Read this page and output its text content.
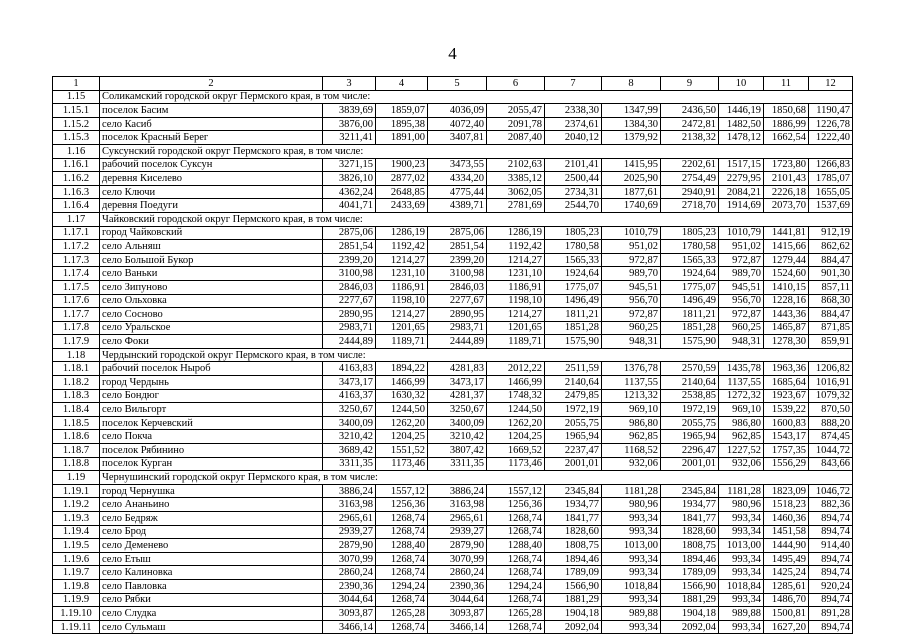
4
1	2	3	4	5	6	7	8	9	10	11	12
1.15	Соликамский городской округ Пермского края, в том числе:										
1.15.1	поселок Басим	3839,69	1859,07	4036,09	2055,47	2338,30	1347,99	2436,50	1446,19	1850,68	1190,47
1.15.2	село Касиб	3876,00	1895,38	4072,40	2091,78	2374,61	1384,30	2472,81	1482,50	1886,99	1226,78
1.15.3	поселок Красный Берег	3211,41	1891,00	3407,81	2087,40	2040,12	1379,92	2138,32	1478,12	1662,54	1222,40
1.16	Суксунский городской округ Пермского края, в том числе:										
1.16.1	рабочий поселок Суксун	3271,15	1900,23	3473,55	2102,63	2101,41	1415,95	2202,61	1517,15	1723,80	1266,83
1.16.2	деревня Киселево	3826,10	2877,02	4334,20	3385,12	2500,44	2025,90	2754,49	2279,95	2101,43	1785,07
1.16.3	село Ключи	4362,24	2648,85	4775,44	3062,05	2734,31	1877,61	2940,91	2084,21	2226,18	1655,05
1.16.4	деревня Поедуги	4041,71	2433,69	4389,71	2781,69	2544,70	1740,69	2718,70	1914,69	2073,70	1537,69
1.17	Чайковский городской округ Пермского края, в том числе:										
1.17.1	город Чайковский	2875,06	1286,19	2875,06	1286,19	1805,23	1010,79	1805,23	1010,79	1441,81	912,19
1.17.2	село Альняш	2851,54	1192,42	2851,54	1192,42	1780,58	951,02	1780,58	951,02	1415,66	862,62
1.17.3	село Большой Букор	2399,20	1214,27	2399,20	1214,27	1565,33	972,87	1565,33	972,87	1279,44	884,47
1.17.4	село Ваньки	3100,98	1231,10	3100,98	1231,10	1924,64	989,70	1924,64	989,70	1524,60	901,30
1.17.5	село Зипуново	2846,03	1186,91	2846,03	1186,91	1775,07	945,51	1775,07	945,51	1410,15	857,11
1.17.6	село Ольховка	2277,67	1198,10	2277,67	1198,10	1496,49	956,70	1496,49	956,70	1228,16	868,30
1.17.7	село Сосново	2890,95	1214,27	2890,95	1214,27	1811,21	972,87	1811,21	972,87	1443,36	884,47
1.17.8	село Уральское	2983,71	1201,65	2983,71	1201,65	1851,28	960,25	1851,28	960,25	1465,87	871,85
1.17.9	село Фоки	2444,89	1189,71	2444,89	1189,71	1575,90	948,31	1575,90	948,31	1278,30	859,91
1.18	Чердынский городской округ Пермского края, в том числе:										
1.18.1	рабочий поселок Ныроб	4163,83	1894,22	4281,83	2012,22	2511,59	1376,78	2570,59	1435,78	1963,36	1206,82
1.18.2	город Чердынь	3473,17	1466,99	3473,17	1466,99	2140,64	1137,55	2140,64	1137,55	1685,64	1016,91
1.18.3	село Бондюг	4163,37	1630,32	4281,37	1748,32	2479,85	1213,32	2538,85	1272,32	1923,67	1079,32
1.18.4	село Вильгорт	3250,67	1244,50	3250,67	1244,50	1972,19	969,10	1972,19	969,10	1539,22	870,50
1.18.5	поселок Керчевский	3400,09	1262,20	3400,09	1262,20	2055,75	986,80	2055,75	986,80	1600,83	888,20
1.18.6	село Покча	3210,42	1204,25	3210,42	1204,25	1965,94	962,85	1965,94	962,85	1543,17	874,45
1.18.7	поселок Рябинино	3689,42	1551,52	3807,42	1669,52	2237,47	1168,52	2296,47	1227,52	1757,35	1044,72
1.18.8	поселок Курган	3311,35	1173,46	3311,35	1173,46	2001,01	932,06	2001,01	932,06	1556,29	843,66
1.19	Чернушинский городской округ Пермского края, в том числе:										
1.19.1	город Чернушка	3886,24	1557,12	3886,24	1557,12	2345,84	1181,28	2345,84	1181,28	1823,09	1046,72
1.19.2	село Ананьино	3163,98	1256,36	3163,98	1256,36	1934,77	980,96	1934,77	980,96	1518,23	882,36
1.19.3	село Бедряж	2965,61	1268,74	2965,61	1268,74	1841,77	993,34	1841,77	993,34	1460,36	894,74
1.19.4	село Брод	2939,27	1268,74	2939,27	1268,74	1828,60	993,34	1828,60	993,34	1451,58	894,74
1.19.5	село Деменево	2879,90	1288,40	2879,90	1288,40	1808,75	1013,00	1808,75	1013,00	1444,90	914,40
1.19.6	село Етыш	3070,99	1268,74	3070,99	1268,74	1894,46	993,34	1894,46	993,34	1495,49	894,74
1.19.7	село Калиновка	2860,24	1268,74	2860,24	1268,74	1789,09	993,34	1789,09	993,34	1425,24	894,74
1.19.8	село Павловка	2390,36	1294,24	2390,36	1294,24	1566,90	1018,84	1566,90	1018,84	1285,61	920,24
1.19.9	село Рябки	3044,64	1268,74	3044,64	1268,74	1881,29	993,34	1881,29	993,34	1486,70	894,74
1.19.10	село Слудка	3093,87	1265,28	3093,87	1265,28	1904,18	989,88	1904,18	989,88	1500,81	891,28
1.19.11	село Сульмаш	3466,14	1268,74	3466,14	1268,74	2092,04	993,34	2092,04	993,34	1627,20	894,74
